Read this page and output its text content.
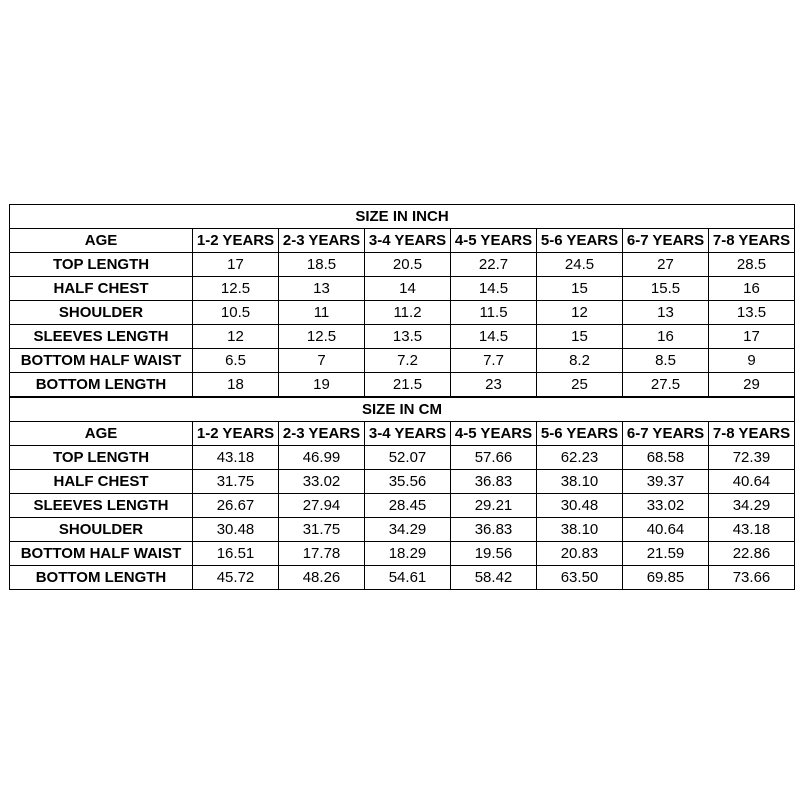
SIZE IN INCH							
AGE	1-2 YEARS	2-3 YEARS	3-4 YEARS	4-5 YEARS	5-6 YEARS	6-7 YEARS	7-8 YEARS
TOP LENGTH	17	18.5	20.5	22.7	24.5	27	28.5
HALF CHEST	12.5	13	14	14.5	15	15.5	16
SHOULDER	10.5	11	11.2	11.5	12	13	13.5
SLEEVES LENGTH	12	12.5	13.5	14.5	15	16	17
BOTTOM HALF WAIST	6.5	7	7.2	7.7	8.2	8.5	9
BOTTOM LENGTH	18	19	21.5	23	25	27.5	29
SIZE IN CM							
AGE	1-2 YEARS	2-3 YEARS	3-4 YEARS	4-5 YEARS	5-6 YEARS	6-7 YEARS	7-8 YEARS
TOP LENGTH	43.18	46.99	52.07	57.66	62.23	68.58	72.39
HALF CHEST	31.75	33.02	35.56	36.83	38.10	39.37	40.64
SLEEVES LENGTH	26.67	27.94	28.45	29.21	30.48	33.02	34.29
SHOULDER	30.48	31.75	34.29	36.83	38.10	40.64	43.18
BOTTOM HALF WAIST	16.51	17.78	18.29	19.56	20.83	21.59	22.86
BOTTOM LENGTH	45.72	48.26	54.61	58.42	63.50	69.85	73.66
